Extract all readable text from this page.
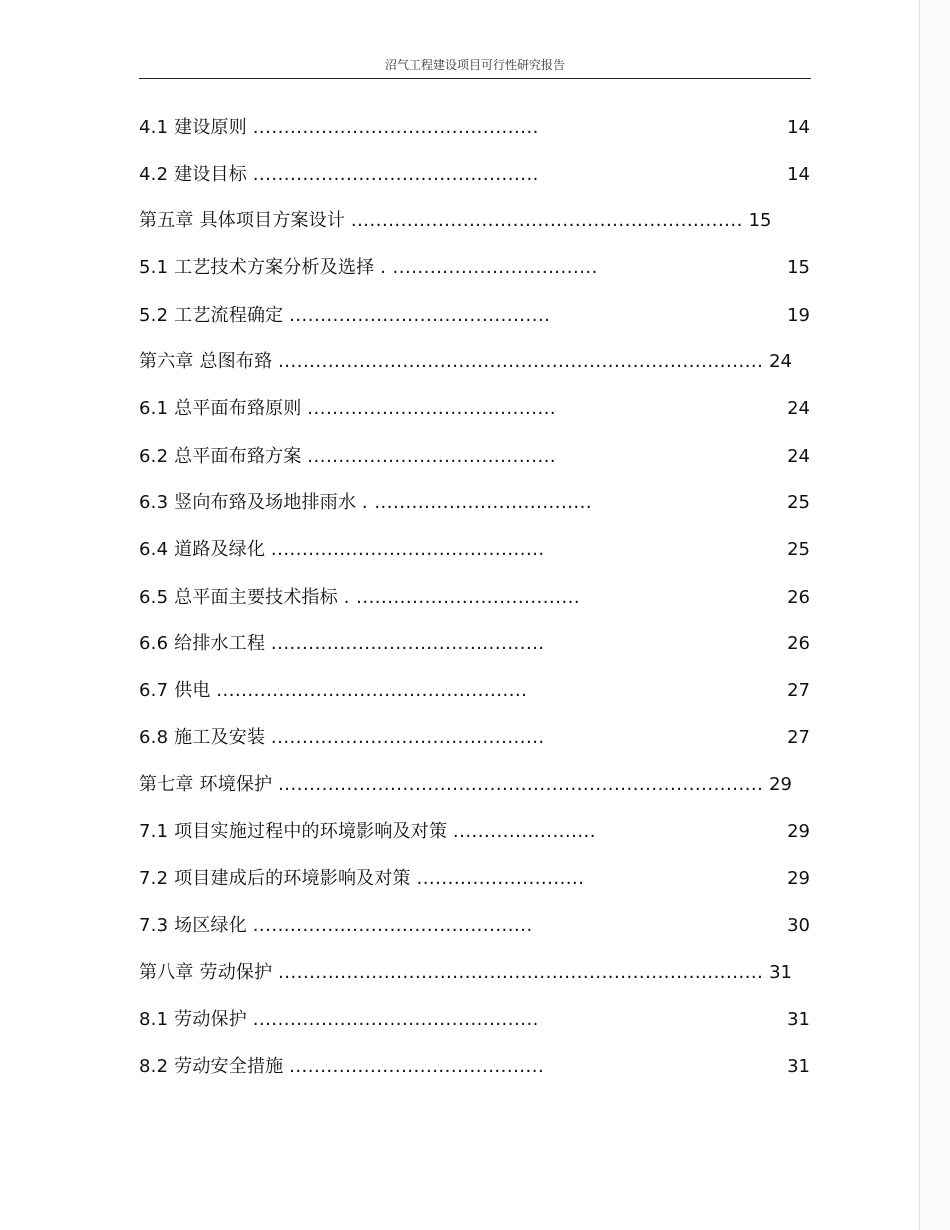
沼气工程建设项目可行性研究报告
4.1 建设原则 ..............................................	14
4.2 建设目标 ..............................................	14
第五章 具体项目方案设计 ............................................................... 15
5.1 工艺技术方案分析及选择 . .................................	15
5.2 工艺流程确定 ..........................................	19
第六章 总图布臵 .............................................................................. 24
6.1 总平面布臵原则 ........................................	24
6.2 总平面布臵方案 ........................................	24
6.3 竖向布臵及场地排雨水 . ...................................	25
6.4 道路及绿化 ............................................	25
6.5 总平面主要技术指标 . ....................................	26
6.6 给排水工程 ............................................	26
6.7 供电 ..................................................	27
6.8 施工及安装 ............................................	27
第七章 环境保护 .............................................................................. 29
7.1 项目实施过程中的环境影响及对策 .......................	29
7.2 项目建成后的环境影响及对策 ...........................	29
7.3 场区绿化 .............................................	30
第八章 劳动保护 .............................................................................. 31
8.1 劳动保护 ..............................................	31
8.2 劳动安全措施 .........................................	31
